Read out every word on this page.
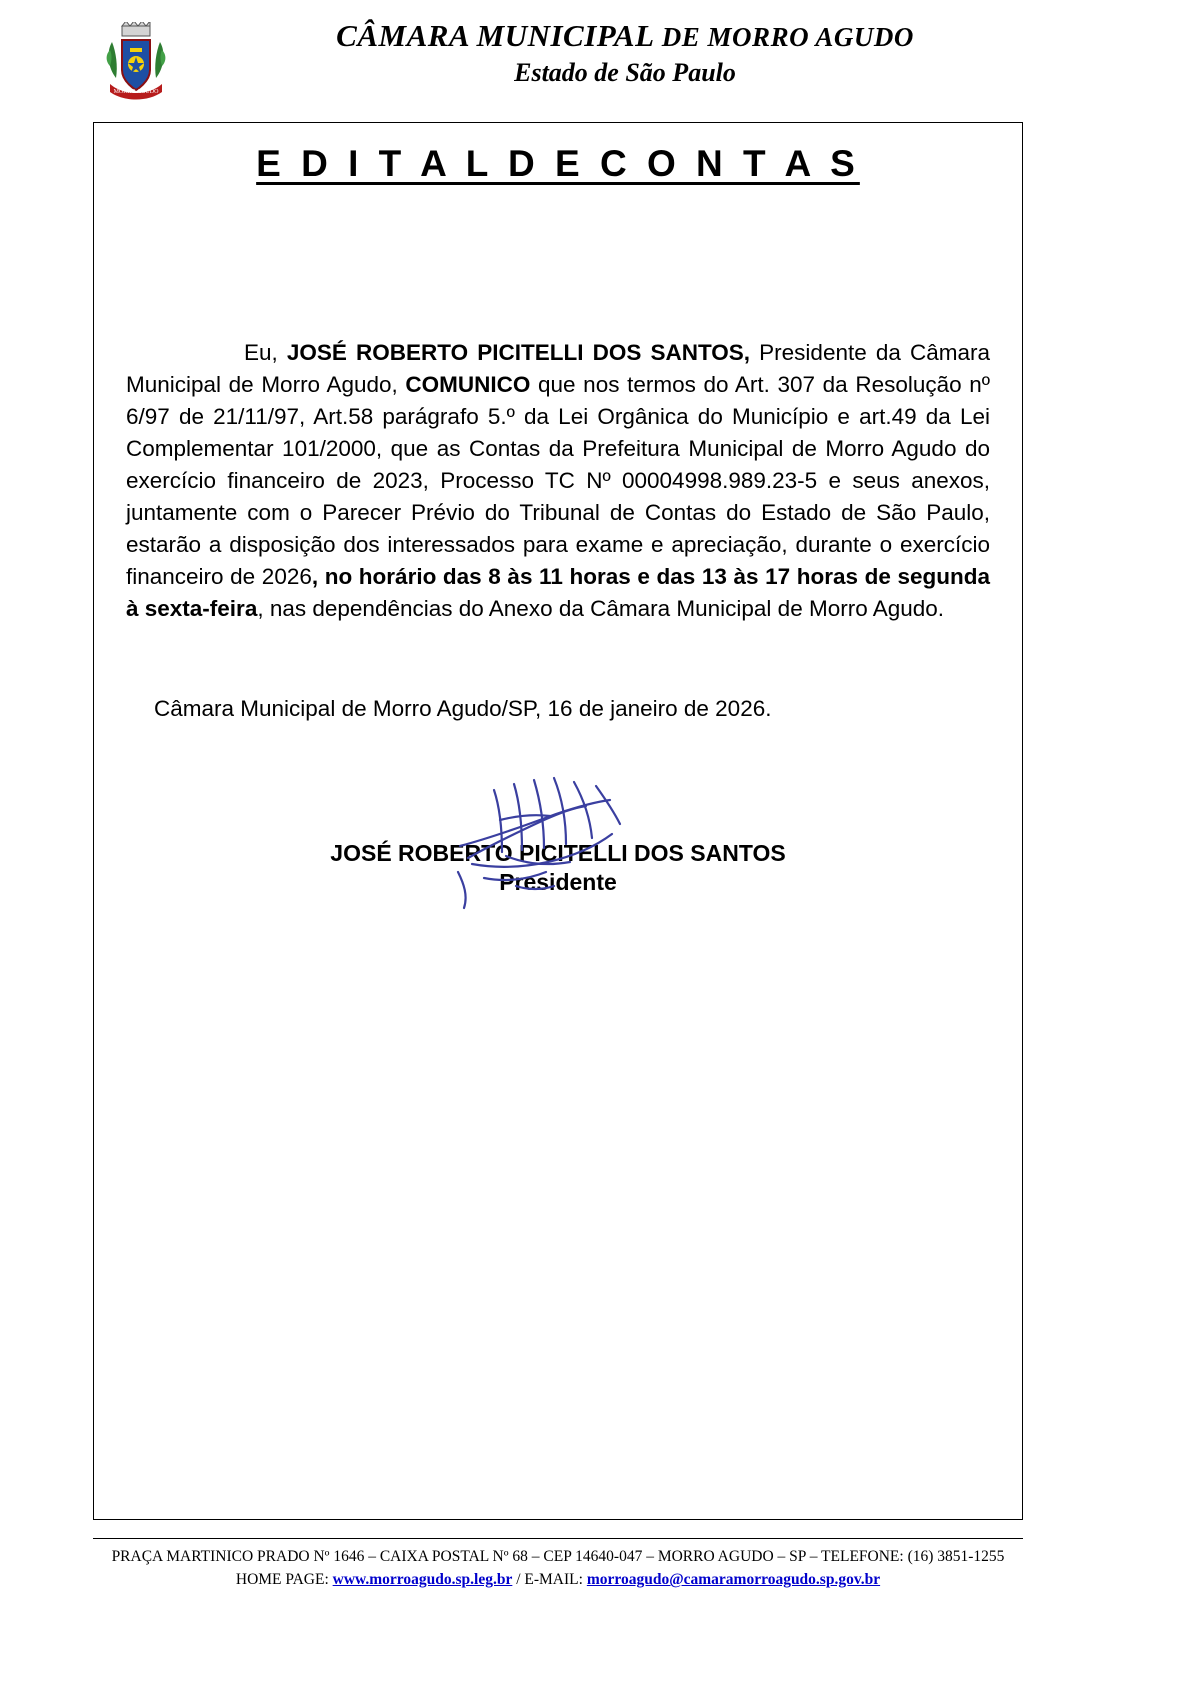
MORRO AGUDO
CÂMARA MUNICIPAL DE MORRO AGUDO
Estado de São Paulo
E D I T A L D E C O N T A S

Eu, JOSÉ ROBERTO PICITELLI DOS SANTOS, Presidente da Câmara Municipal de Morro Agudo, COMUNICO que nos termos do Art. 307 da Resolução nº 6/97 de 21/11/97, Art.58 parágrafo 5.º da Lei Orgânica do Município e art.49 da Lei Complementar 101/2000, que as Contas da Prefeitura Municipal de Morro Agudo do exercício financeiro de 2023, Processo TC Nº 00004998.989.23-5 e seus anexos, juntamente com o Parecer Prévio do Tribunal de Contas do Estado de São Paulo, estarão a disposição dos interessados para exame e apreciação, durante o exercício financeiro de 2026, no horário das 8 às 11 horas e das 13 às 17 horas de segunda à sexta-feira, nas dependências do Anexo da Câmara Municipal de Morro Agudo.

Câmara Municipal de Morro Agudo/SP, 16 de janeiro de 2026.
JOSÉ ROBERTO PICITELLI DOS SANTOS
Presidente
PRAÇA MARTINICO PRADO Nº 1646 – CAIXA POSTAL Nº 68 – CEP 14640-047 – MORRO AGUDO – SP – TELEFONE: (16) 3851-1255
HOME PAGE: www.morroagudo.sp.leg.br / E-MAIL: morroagudo@camaramorroagudo.sp.gov.br
